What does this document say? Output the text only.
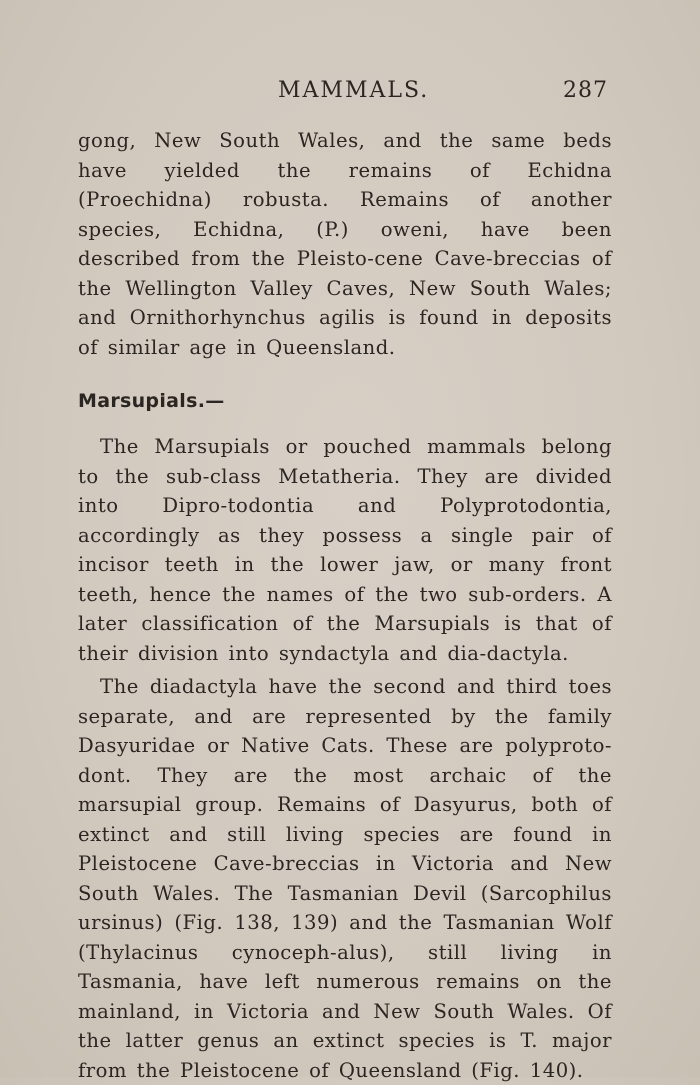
MAMMALS.	287

gong, New South Wales, and the same beds have yielded the remains of Echidna (Proechidna) robusta. Remains of another species, Echidna, (P.) oweni, have been described from the Pleisto-cene Cave-breccias of the Wellington Valley Caves, New South Wales; and Ornithorhynchus agilis is found in deposits of similar age in Queensland.

Marsupials.—

The Marsupials or pouched mammals belong to the sub-class Metatheria. They are divided into Dipro-todontia and Polyprotodontia, accordingly as they possess a single pair of incisor teeth in the lower jaw, or many front teeth, hence the names of the two sub-orders. A later classification of the Marsupials is that of their division into syndactyla and dia-dactyla.

The diadactyla have the second and third toes separate, and are represented by the family Dasyuridae or Native Cats. These are polyproto-dont. They are the most archaic of the marsupial group. Remains of Dasyurus, both of extinct and still living species are found in Pleistocene Cave-breccias in Victoria and New South Wales. The Tasmanian Devil (Sarcophilus ursinus) (Fig. 138, 139) and the Tasmanian Wolf (Thylacinus cynoceph-alus), still living in Tasmania, have left numerous remains on the mainland, in Victoria and New South Wales. Of the latter genus an extinct species is T. major from the Pleistocene of Queensland (Fig. 140).
